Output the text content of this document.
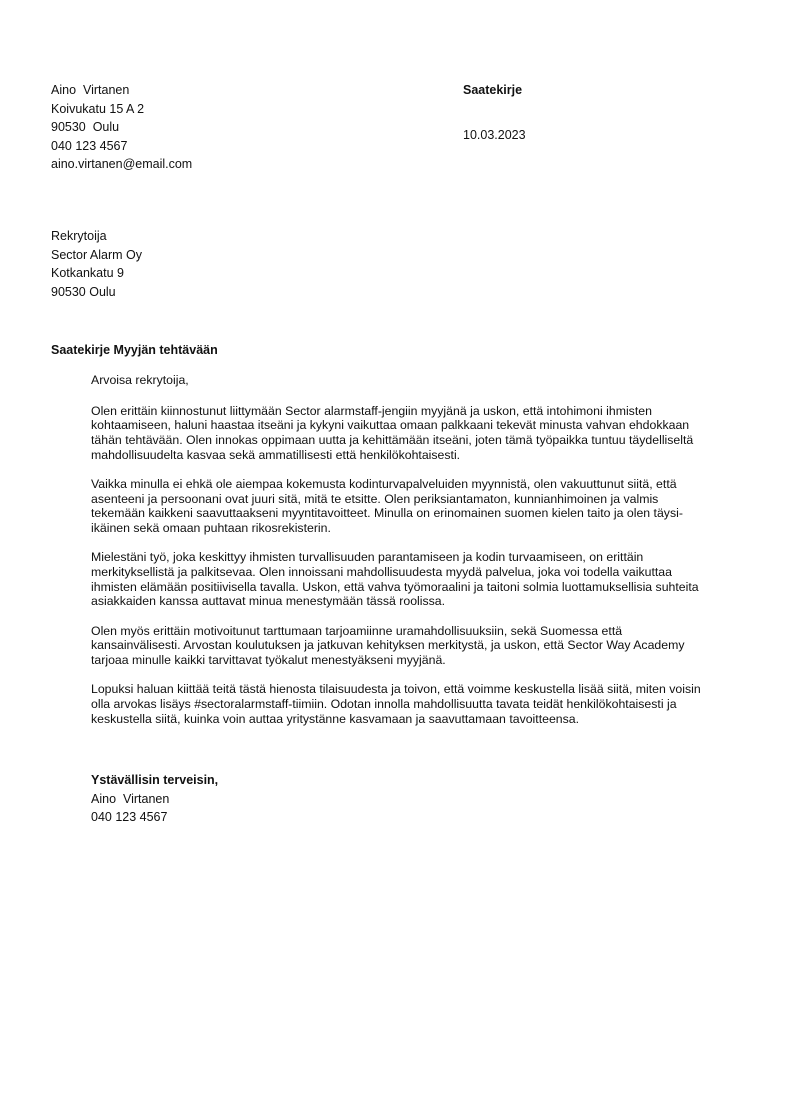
Aino  Virtanen
Koivukatu 15 A 2
90530  Oulu
040 123 4567
aino.virtanen@email.com
Saatekirje
10.03.2023
Rekrytoija
Sector Alarm Oy
Kotkankatu 9
90530 Oulu
Saatekirje Myyjän tehtävään
Arvoisa rekrytoija,

Olen erittäin kiinnostunut liittymään Sector alarmstaff-jengiin myyjänä ja uskon, että intohimoni ihmisten kohtaamiseen, haluni haastaa itseäni ja kykyni vaikuttaa omaan palkkaani tekevät minusta vahvan ehdokkaan tähän tehtävään. Olen innokas oppimaan uutta ja kehittämään itseäni, joten tämä työpaikka tuntuu täydelliseltä mahdollisuudelta kasvaa sekä ammatillisesti että henkilökohtaisesti.

Vaikka minulla ei ehkä ole aiempaa kokemusta kodinturvapalveluiden myynnistä, olen vakuuttunut siitä, että asenteeni ja persoonani ovat juuri sitä, mitä te etsitte. Olen periksiantamaton, kunnianhimoinen ja valmis tekemään kaikkeni saavuttaakseni myyntitavoitteet. Minulla on erinomainen suomen kielen taito ja olen täysi-ikäinen sekä omaan puhtaan rikosrekisterin.

Mielestäni työ, joka keskittyy ihmisten turvallisuuden parantamiseen ja kodin turvaamiseen, on erittäin merkityksellistä ja palkitsevaa. Olen innoissani mahdollisuudesta myydä palvelua, joka voi todella vaikuttaa ihmisten elämään positiivisella tavalla. Uskon, että vahva työmoraalini ja taitoni solmia luottamuksellisia suhteita asiakkaiden kanssa auttavat minua menestymään tässä roolissa.

Olen myös erittäin motivoitunut tarttumaan tarjoamiinne uramahdollisuuksiin, sekä Suomessa että kansainvälisesti. Arvostan koulutuksen ja jatkuvan kehityksen merkitystä, ja uskon, että Sector Way Academy tarjoaa minulle kaikki tarvittavat työkalut menestyäkseni myyjänä.

Lopuksi haluan kiittää teitä tästä hienosta tilaisuudesta ja toivon, että voimme keskustella lisää siitä, miten voisin olla arvokas lisäys #sectoralarmstaff-tiimiin. Odotan innolla mahdollisuutta tavata teidät henkilökohtaisesti ja keskustella siitä, kuinka voin auttaa yritystänne kasvamaan ja saavuttamaan tavoitteensa.

Ystävällisin terveisin,
Aino  Virtanen
040 123 4567
